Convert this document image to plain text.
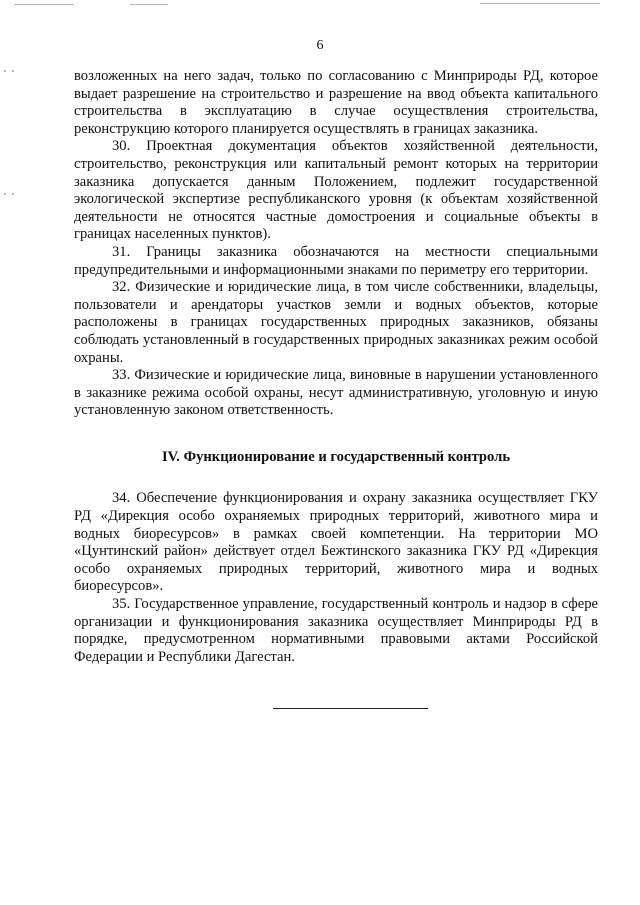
6

возложенных на него задач, только по согласованию с Минприроды РД, которое выдает разрешение на строительство и разрешение на ввод объекта капитального строительства в эксплуатацию в случае осуществления строительства, реконструкцию которого планируется осуществлять в границах заказника.

30. Проектная документация объектов хозяйственной деятельности, строительство, реконструкция или капитальный ремонт которых на территории заказника допускается данным Положением, подлежит государственной экологической экспертизе республиканского уровня (к объектам хозяйственной деятельности не относятся частные домостроения и социальные объекты в границах населенных пунктов).

31. Границы заказника обозначаются на местности специальными предупредительными и информационными знаками по периметру его территории.

32. Физические и юридические лица, в том числе собственники, владельцы, пользователи и арендаторы участков земли и водных объектов, которые расположены в границах государственных природных заказников, обязаны соблюдать установленный в государственных природных заказниках режим особой охраны.

33. Физические и юридические лица, виновные в нарушении установленного в заказнике режима особой охраны, несут административную, уголовную и иную установленную законом ответственность.

IV. Функционирование и государственный контроль

34. Обеспечение функционирования и охрану заказника осуществляет ГКУ РД «Дирекция особо охраняемых природных территорий, животного мира и водных биоресурсов» в рамках своей компетенции. На территории МО «Цунтинский район» действует отдел Бежтинского заказника ГКУ РД «Дирекция особо охраняемых природных территорий, животного мира и водных биоресурсов».

35. Государственное управление, государственный контроль и надзор в сфере организации и функционирования заказника осуществляет Минприроды РД в порядке, предусмотренном нормативными правовыми актами Российской Федерации и Республики Дагестан.
